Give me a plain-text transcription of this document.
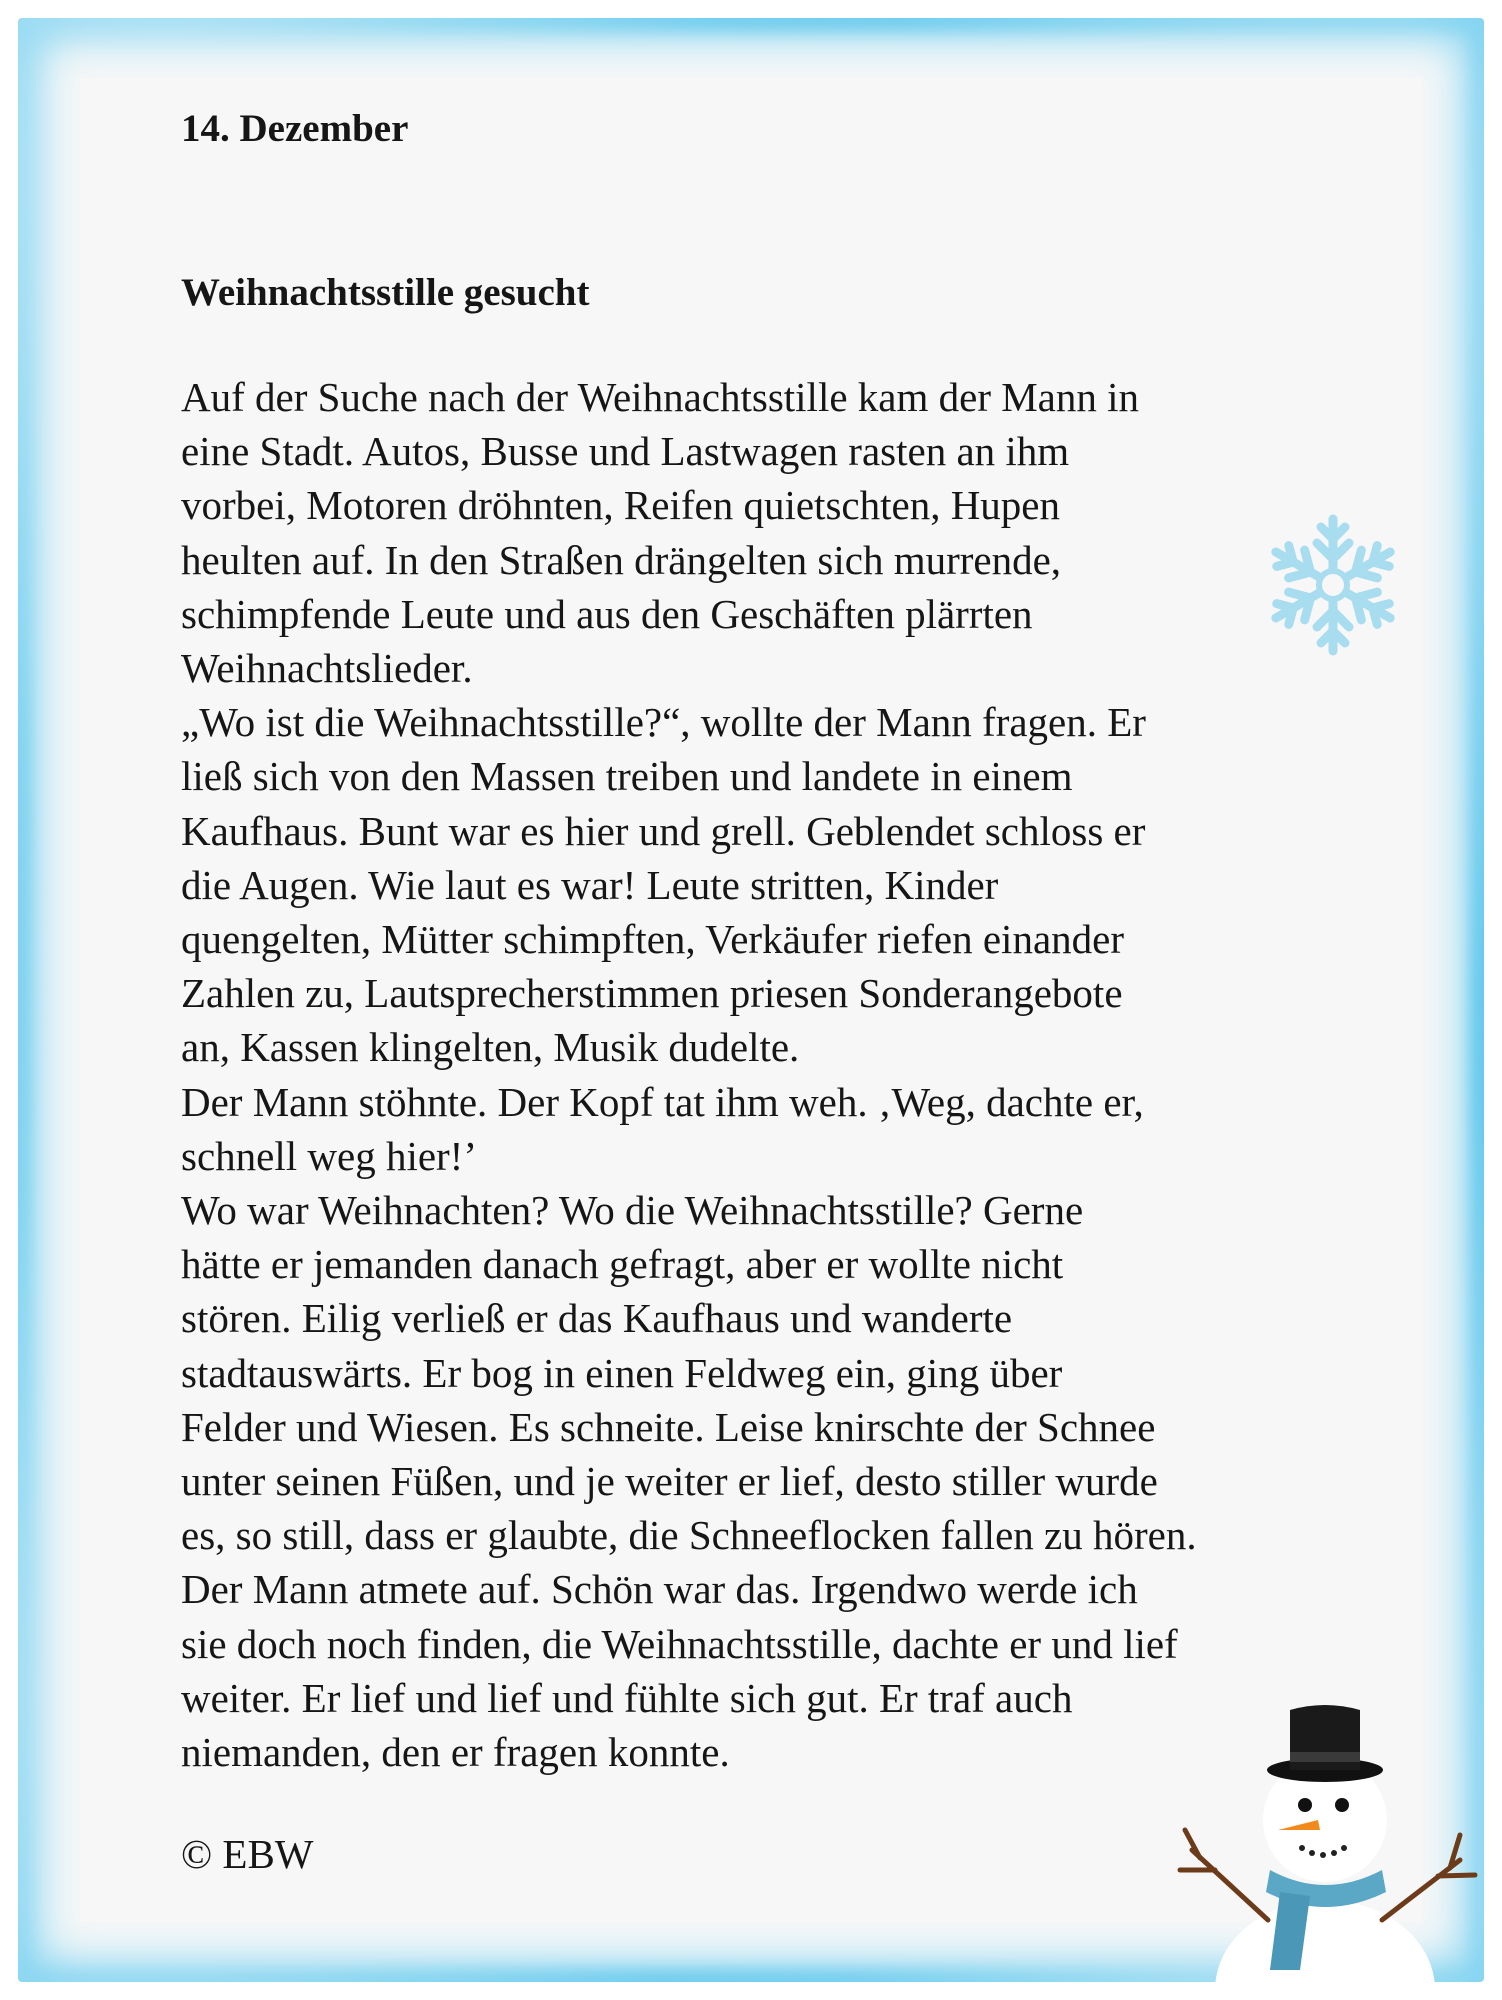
14. Dezember
Weihnachtsstille gesucht

Auf der Suche nach der Weihnachtsstille kam der Mann in
eine Stadt. Autos, Busse und Lastwagen rasten an ihm
vorbei, Motoren dröhnten, Reifen quietschten, Hupen
heulten auf. In den Straßen drängelten sich murrende,
schimpfende Leute und aus den Geschäften plärrten
Weihnachtslieder.
„Wo ist die Weihnachtsstille?“, wollte der Mann fragen. Er
ließ sich von den Massen treiben und landete in einem
Kaufhaus. Bunt war es hier und grell. Geblendet schloss er
die Augen. Wie laut es war! Leute stritten, Kinder
quengelten, Mütter schimpften, Verkäufer riefen einander
Zahlen zu, Lautsprecherstimmen priesen Sonderangebote
an, Kassen klingelten, Musik dudelte.
Der Mann stöhnte. Der Kopf tat ihm weh. ‚Weg, dachte er,
schnell weg hier!’
Wo war Weihnachten? Wo die Weihnachtsstille? Gerne
hätte er jemanden danach gefragt, aber er wollte nicht
stören. Eilig verließ er das Kaufhaus und wanderte
stadtauswärts. Er bog in einen Feldweg ein, ging über
Felder und Wiesen. Es schneite. Leise knirschte der Schnee
unter seinen Füßen, und je weiter er lief, desto stiller wurde
es, so still, dass er glaubte, die Schneeflocken fallen zu hören.
Der Mann atmete auf. Schön war das. Irgendwo werde ich
sie doch noch finden, die Weihnachtsstille, dachte er und lief
weiter. Er lief und lief und fühlte sich gut. Er traf auch
niemanden, den er fragen konnte.

© EBW
